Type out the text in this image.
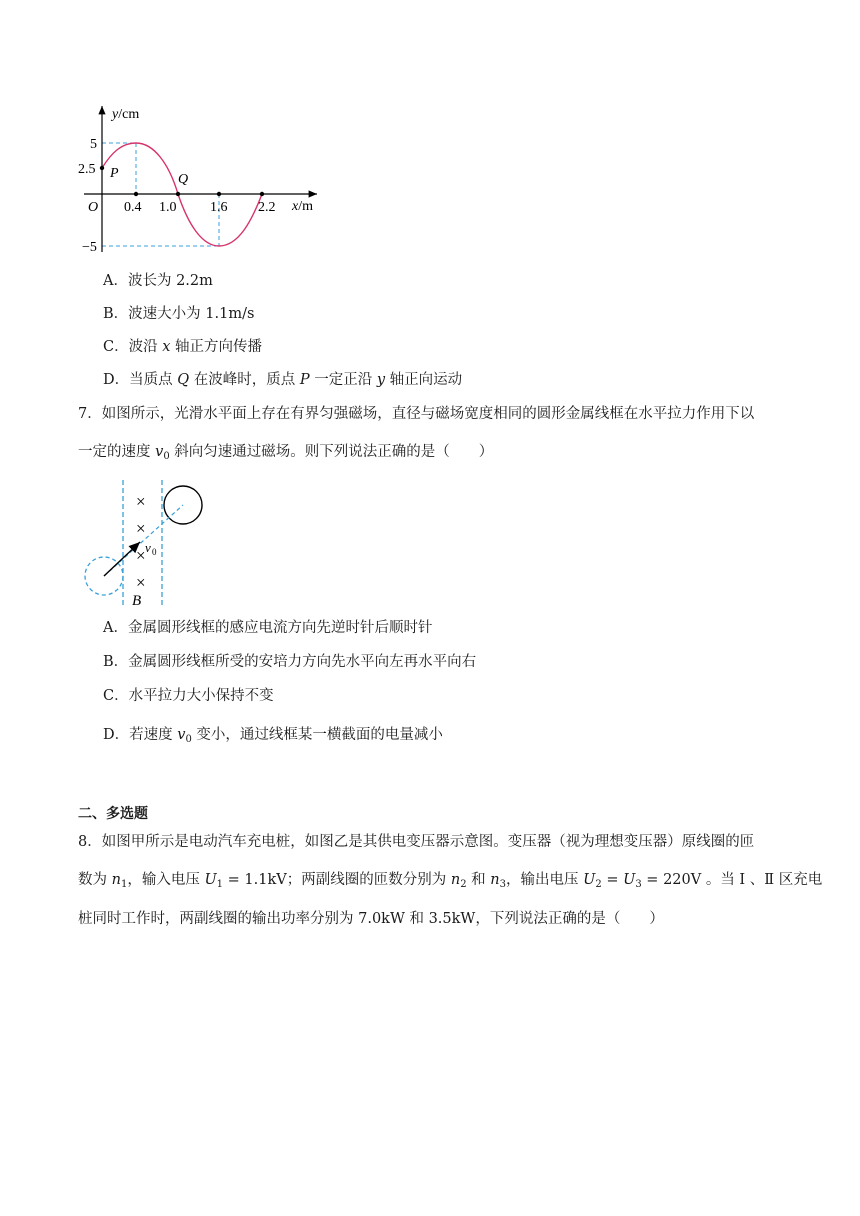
y/cm
x/m
5
2.5
−5
O
P	Q
0.4 1.0 1.6 2.2
A．波长为 2.2m
B．波速大小为 1.1m/s
C．波沿 x 轴正方向传播
D．当质点 Q 在波峰时，质点 P 一定正沿 y 轴正向运动
7．如图所示，光滑水平面上存在有界匀强磁场，直径与磁场宽度相同的圆形金属线框在水平拉力作用下以
一定的速度 $v_0$ 斜向匀速通过磁场。则下列说法正确的是（　　）
×
×
×
×
v 0
B
A．金属圆形线框的感应电流方向先逆时针后顺时针
B．金属圆形线框所受的安培力方向先水平向左再水平向右
C．水平拉力大小保持不变
D．若速度 $v_0$ 变小，通过线框某一横截面的电量减小
二、多选题
8．如图甲所示是电动汽车充电桩，如图乙是其供电变压器示意图。变压器（视为理想变压器）原线圈的匝
数为 $n_1$，输入电压 $U_1 = 1.1kV$；两副线圈的匝数分别为 $n_2$ 和 $n_3$，输出电压 $U_2 = U_3 = 220V$ 。当 Ⅰ 、Ⅱ 区充电
桩同时工作时，两副线圈的输出功率分别为 7.0kW 和 3.5kW，下列说法正确的是（　　）
